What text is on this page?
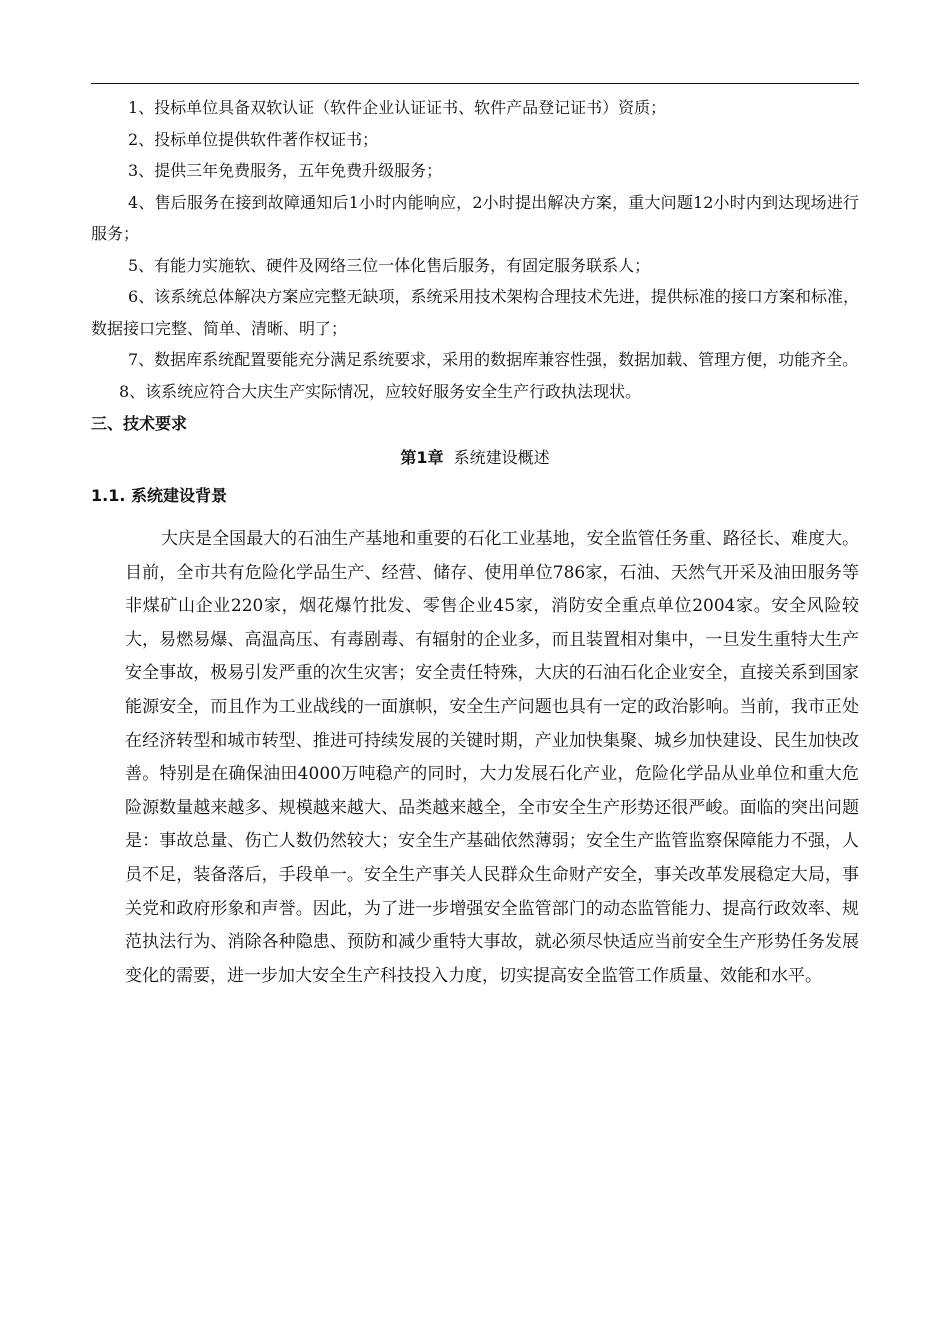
1、投标单位具备双软认证（软件企业认证证书、软件产品登记证书）资质；
2、投标单位提供软件著作权证书；
3、提供三年免费服务，五年免费升级服务；
4、售后服务在接到故障通知后1小时内能响应，2小时提出解决方案，重大问题12小时内到达现场进行服务；
5、有能力实施软、硬件及网络三位一体化售后服务，有固定服务联系人；
6、该系统总体解决方案应完整无缺项，系统采用技术架构合理技术先进，提供标准的接口方案和标准，数据接口完整、简单、清晰、明了；
7、数据库系统配置要能充分满足系统要求，采用的数据库兼容性强，数据加载、管理方便，功能齐全。
8、该系统应符合大庆生产实际情况，应较好服务安全生产行政执法现状。
三、技术要求
第1章 系统建设概述
1.1. 系统建设背景

大庆是全国最大的石油生产基地和重要的石化工业基地，安全监管任务重、路径长、难度大。目前，全市共有危险化学品生产、经营、储存、使用单位786家，石油、天然气开采及油田服务等非煤矿山企业220家，烟花爆竹批发、零售企业45家，消防安全重点单位2004家。安全风险较大，易燃易爆、高温高压、有毒剧毒、有辐射的企业多，而且装置相对集中，一旦发生重特大生产安全事故，极易引发严重的次生灾害；安全责任特殊，大庆的石油石化企业安全，直接关系到国家能源安全，而且作为工业战线的一面旗帜，安全生产问题也具有一定的政治影响。当前，我市正处在经济转型和城市转型、推进可持续发展的关键时期，产业加快集聚、城乡加快建设、民生加快改善。特别是在确保油田4000万吨稳产的同时，大力发展石化产业，危险化学品从业单位和重大危险源数量越来越多、规模越来越大、品类越来越全，全市安全生产形势还很严峻。面临的突出问题是：事故总量、伤亡人数仍然较大；安全生产基础依然薄弱；安全生产监管监察保障能力不强，人员不足，装备落后，手段单一。安全生产事关人民群众生命财产安全，事关改革发展稳定大局，事关党和政府形象和声誉。因此，为了进一步增强安全监管部门的动态监管能力、提高行政效率、规范执法行为、消除各种隐患、预防和减少重特大事故，就必须尽快适应当前安全生产形势任务发展变化的需要，进一步加大安全生产科技投入力度，切实提高安全监管工作质量、效能和水平。
